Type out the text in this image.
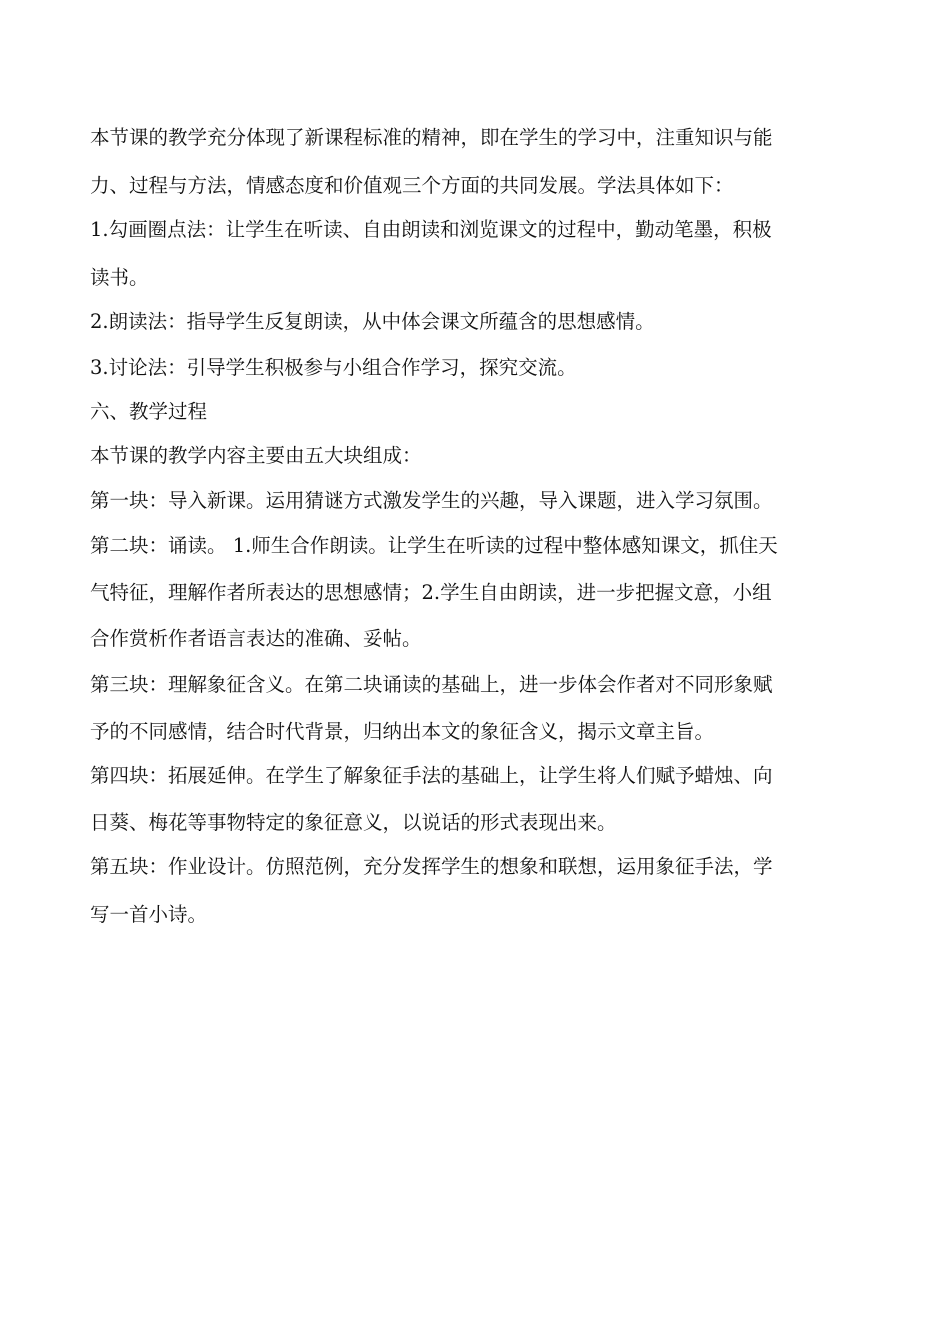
本节课的教学充分体现了新课程标准的精神，即在学生的学习中，注重知识与能
力、过程与方法，情感态度和价值观三个方面的共同发展。学法具体如下：
1.勾画圈点法：让学生在听读、自由朗读和浏览课文的过程中，勤动笔墨，积极
读书。
2.朗读法：指导学生反复朗读，从中体会课文所蕴含的思想感情。
3.讨论法：引导学生积极参与小组合作学习，探究交流。
六、教学过程
本节课的教学内容主要由五大块组成：
第一块：导入新课。运用猜谜方式激发学生的兴趣，导入课题，进入学习氛围。
第二块：诵读。 1.师生合作朗读。让学生在听读的过程中整体感知课文，抓住天
气特征，理解作者所表达的思想感情；2.学生自由朗读，进一步把握文意，小组
合作赏析作者语言表达的准确、妥帖。
第三块：理解象征含义。在第二块诵读的基础上，进一步体会作者对不同形象赋
予的不同感情，结合时代背景，归纳出本文的象征含义，揭示文章主旨。
第四块：拓展延伸。在学生了解象征手法的基础上，让学生将人们赋予蜡烛、向
日葵、梅花等事物特定的象征意义，以说话的形式表现出来。
第五块：作业设计。仿照范例，充分发挥学生的想象和联想，运用象征手法，学
写一首小诗。
